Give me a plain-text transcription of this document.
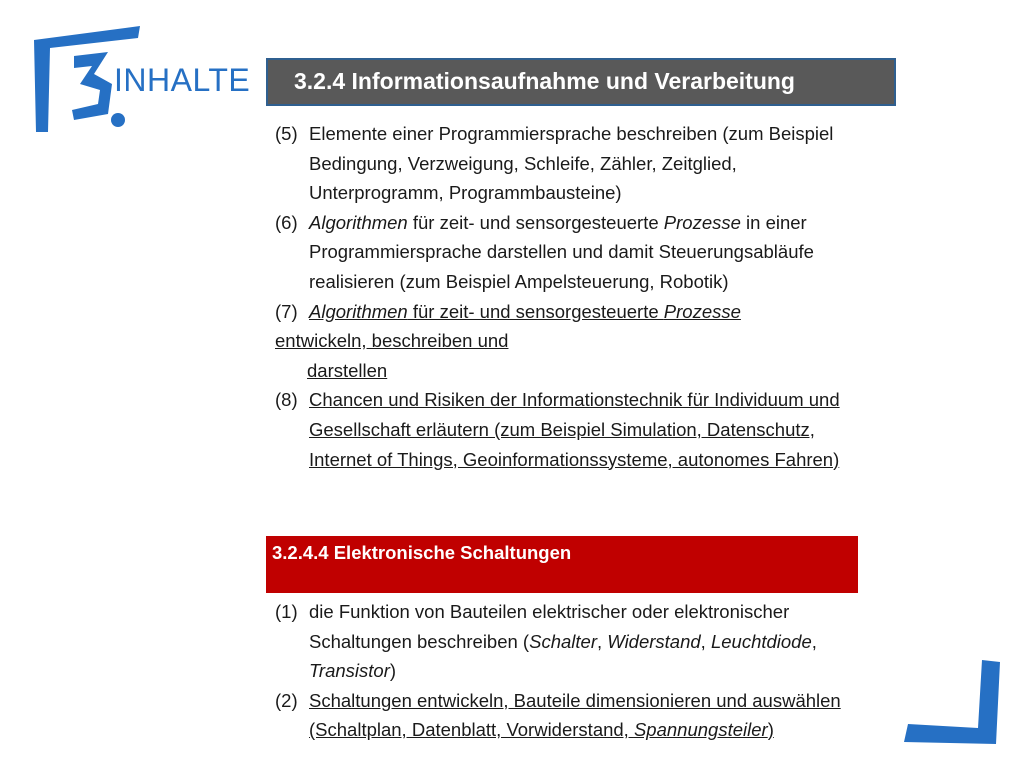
INHALTE 3.2.4 Informationsaufnahme und Verarbeitung
(5) Elemente einer Programmiersprache beschreiben (zum Beispiel Bedingung, Verzweigung, Schleife, Zähler, Zeitglied, Unterprogramm, Programmbausteine)
(6) Algorithmen für zeit- und sensorgesteuerte Prozesse in einer Programmiersprache darstellen und damit Steuerungsabläufe realisieren (zum Beispiel Ampelsteuerung, Robotik)
(7) Algorithmen für zeit- und sensorgesteuerte Prozesse
entwickeln, beschreiben und
darstellen
(8) Chancen und Risiken der Informationstechnik für Individuum und Gesellschaft erläutern (zum Beispiel Simulation, Datenschutz, Internet of Things, Geoinformationssysteme, autonomes Fahren)
3.2.4.4 Elektronische Schaltungen
(1) die Funktion von Bauteilen elektrischer oder elektronischer Schaltungen beschreiben (Schalter, Widerstand, Leuchtdiode, Transistor)
(2) Schaltungen entwickeln, Bauteile dimensionieren und auswählen (Schaltplan, Datenblatt, Vorwiderstand, Spannungsteiler)
